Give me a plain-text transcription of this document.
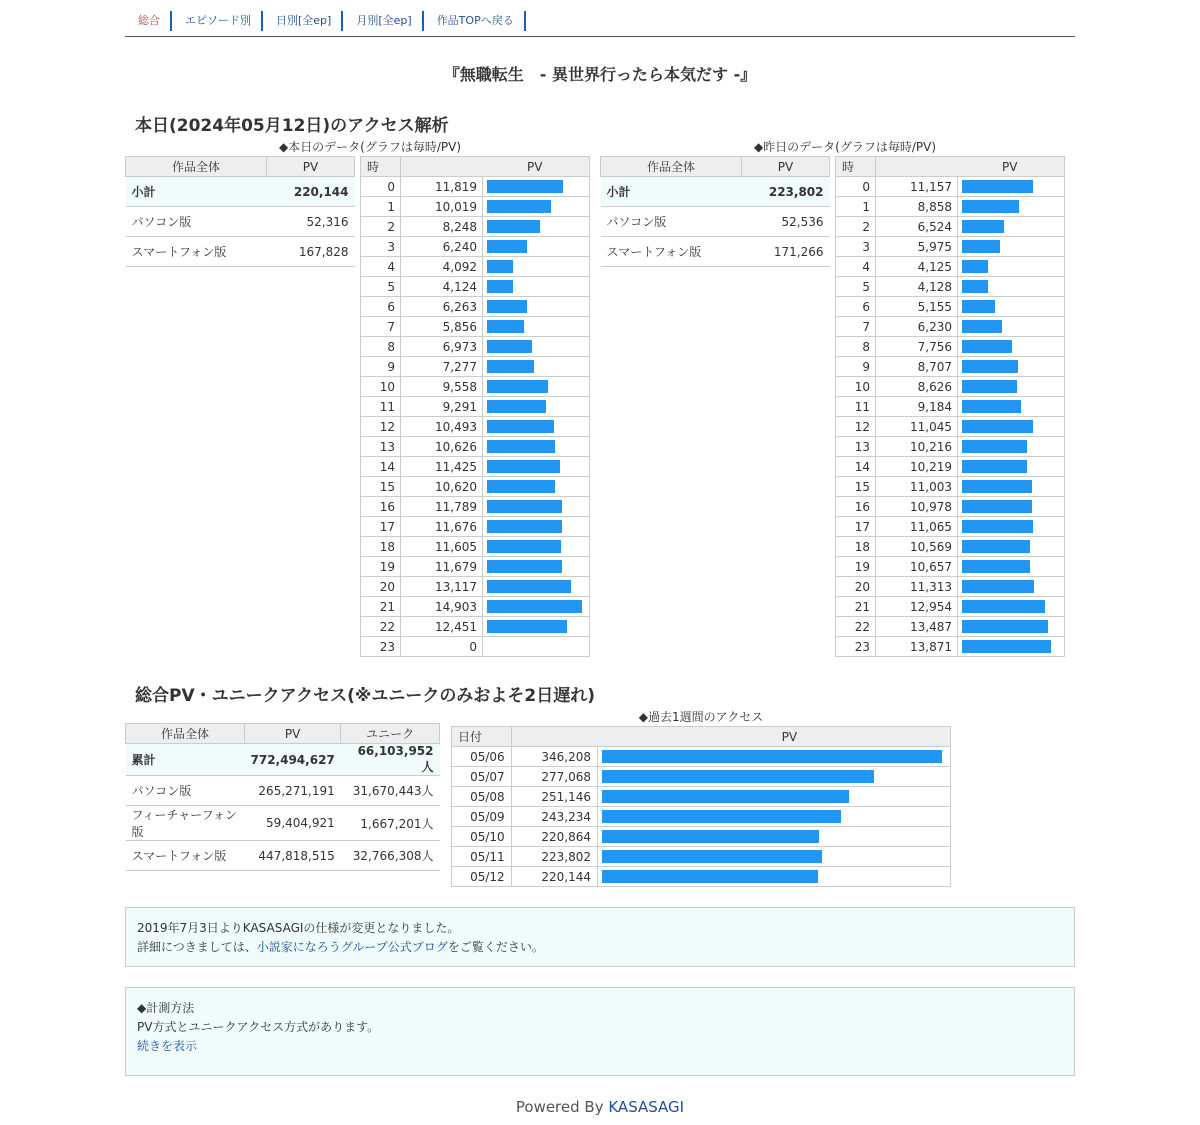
総合	エピソード別	日別[全ep]	月別[全ep]	作品TOPへ戻る
『無職転生　- 異世界行ったら本気だす -』
本日(2024年05月12日)のアクセス解析
◆本日のデータ(グラフは毎時/PV)
作品全体	PV
小計	220,144
パソコン版	52,316
スマートフォン版	167,828
時	PV	
0	11,819	

1	10,019	

2	8,248	

3	6,240	

4	4,092	

5	4,124	

6	6,263	

7	5,856	

8	6,973	

9	7,277	

10	9,558	

11	9,291	

12	10,493	

13	10,626	

14	11,425	

15	10,620	

16	11,789	

17	11,676	

18	11,605	

19	11,679	

20	13,117	

21	14,903	

22	12,451	

23	0	
◆昨日のデータ(グラフは毎時/PV)
作品全体	PV
小計	223,802
パソコン版	52,536
スマートフォン版	171,266
時	PV	
0	11,157	

1	8,858	

2	6,524	

3	5,975	

4	4,125	

5	4,128	

6	5,155	

7	6,230	

8	7,756	

9	8,707	

10	8,626	

11	9,184	

12	11,045	

13	10,216	

14	10,219	

15	11,003	

16	10,978	

17	11,065	

18	10,569	

19	10,657	

20	11,313	

21	12,954	

22	13,487	

23	13,871	
総合PV・ユニークアクセス(※ユニークのみおよそ2日遅れ)
作品全体	PV	ユニーク
累計	772,494,627	66,103,952人
パソコン版	265,271,191	31,670,443人
フィーチャーフォン版	59,404,921	1,667,201人
スマートフォン版	447,818,515	32,766,308人
◆過去1週間のアクセス
日付	PV	
05/06	346,208	

05/07	277,068	

05/08	251,146	

05/09	243,234	

05/10	220,864	

05/11	223,802	

05/12	220,144	
2019年7月3日よりKASASAGIの仕様が変更となりました。
詳細につきましては、小説家になろうグループ公式ブログをご覧ください。
◆計測方法
PV方式とユニークアクセス方式があります。
続きを表示
Powered By KASASAGI
